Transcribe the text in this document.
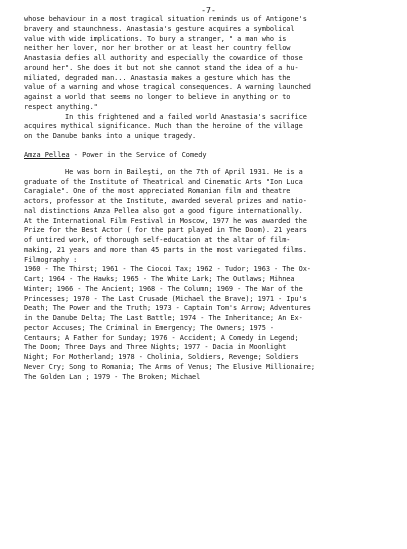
-7-
whose behaviour in a most tragical situation reminds us of Antigone's
bravery and staunchness. Anastasia's gesture acquires a symbolical
value with wide implications. To bury a stranger, " a man who is
neither her lover, nor her brother or at least her country fellow
Anastasia defies all authority and especially the cowardice of those
around her". She does it but not she cannot stand the idea of a hu-
miliated, degraded man... Anastasia makes a gesture which has the
value of a warning and whose tragical consequences. A warning launched
against a world that seems no longer to believe in anything or to
respect anything."
In this frightened and a failed world Anastasia's sacrifice
acquires mythical significance. Much than the heroine of the village
on the Danube banks into a unique tragedy.
Amza Pellea - Power in the Service of Comedy
He was born in Baileşti, on the 7th of April 1931. He is a
graduate of the Institute of Theatrical and Cinematic Arts "Ion Luca
Caragiale". One of the most appreciated Romanian film and theatre
actors, professor at the Institute, awarded several prizes and natio-
nal distinctions Amza Pellea also got a good figure internationally.
At the International Film Festival in Moscow, 1977 he was awarded the
Prize for the Best Actor ( for the part played in The Doom). 21 years
of untired work, of thorough self-education at the altar of film-
making, 21 years and more than 45 parts in the most variegated films.
Filmography :
1960 - The Thirst; 1961 - The Ciocoi Tax; 1962 - Tudor; 1963 - The Ox-
Cart; 1964 - The Hawks; 1965 - The White Lark; The Outlaws; Mihnea
Winter; 1966 - The Ancient; 1968 - The Column; 1969 - The War of the
Princesses; 1970 - The Last Crusade (Michael the Brave); 1971 - Ipu's
Death; The Power and the Truth; 1973 - Captain Tom's Arrow; Adventures
in the Danube Delta; The Last Battle; 1974 - The Inheritance; An Ex-
pector Accuses; The Criminal in Emergency; The Owners; 1975 -
Centaurs; A Father for Sunday; 1976 - Accident; A Comedy in Legend;
The Doom; Three Days and Three Nights; 1977 - Dacia in Moonlight
Night; For Motherland; 1978 - Cholinia, Soldiers, Revenge; Soldiers
Never Cry; Song to Romania; The Arms of Venus; The Elusive Millionaire;
The Golden Lan ; 1979 - The Broken; Michael
